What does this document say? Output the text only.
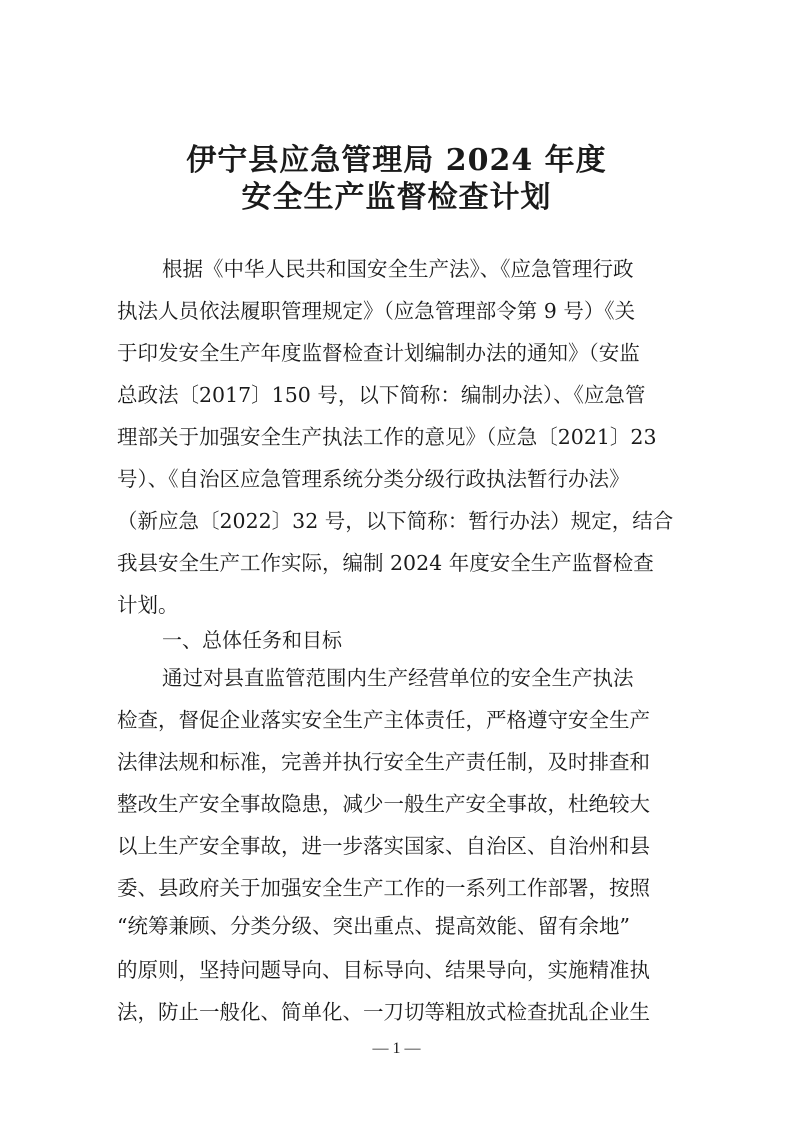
伊宁县应急管理局 2024 年度
安全生产监督检查计划
根据《中华人民共和国安全生产法》、《应急管理行政
执法人员依法履职管理规定》（应急管理部令第 9 号）《关
于印发安全生产年度监督检查计划编制办法的通知》（安监
总政法〔2017〕150 号，以下简称：编制办法）、《应急管
理部关于加强安全生产执法工作的意见》（应急〔2021〕23
号）、《自治区应急管理系统分类分级行政执法暂行办法》
（新应急〔2022〕32 号，以下简称：暂行办法）规定，结合
我县安全生产工作实际，编制 2024 年度安全生产监督检查
计划。
一、总体任务和目标
通过对县直监管范围内生产经营单位的安全生产执法
检查，督促企业落实安全生产主体责任，严格遵守安全生产
法律法规和标准，完善并执行安全生产责任制，及时排查和
整改生产安全事故隐患，减少一般生产安全事故，杜绝较大
以上生产安全事故，进一步落实国家、自治区、自治州和县
委、县政府关于加强安全生产工作的一系列工作部署，按照
“统筹兼顾、分类分级、突出重点、提高效能、留有余地”
的原则，坚持问题导向、目标导向、结果导向，实施精准执
法，防止一般化、简单化、一刀切等粗放式检查扰乱企业生
— 1 —
